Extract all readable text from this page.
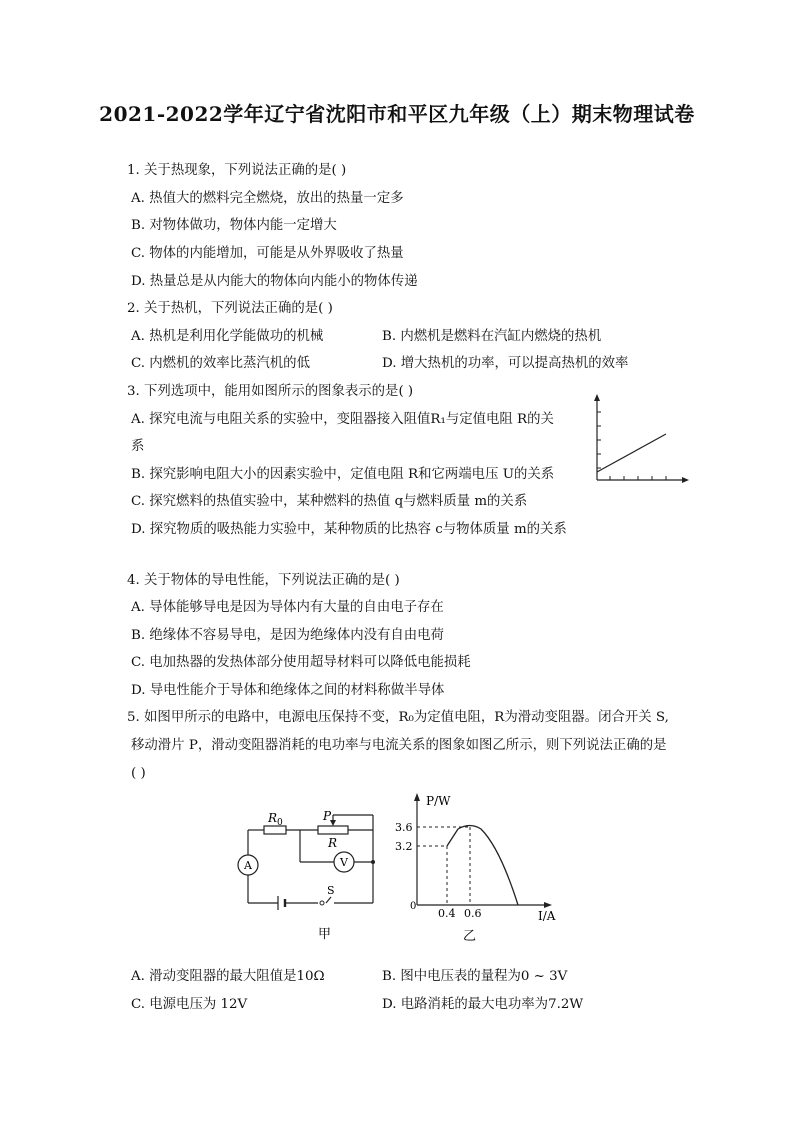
2021-2022学年辽宁省沈阳市和平区九年级（上）期末物理试卷
1. 关于热现象，下列说法正确的是( )
A. 热值大的燃料完全燃烧，放出的热量一定多
B. 对物体做功，物体内能一定增大
C. 物体的内能增加，可能是从外界吸收了热量
D. 热量总是从内能大的物体向内能小的物体传递
2. 关于热机，下列说法正确的是( )
A. 热机是利用化学能做功的机械	B. 内燃机是燃料在汽缸内燃烧的热机
C. 内燃机的效率比蒸汽机的低	D. 增大热机的功率，可以提高热机的效率
3. 下列选项中，能用如图所示的图象表示的是( )
A. 探究电流与电阻关系的实验中，变阻器接入阻值R₁与定值电阻 R的关
系
B. 探究影响电阻大小的因素实验中，定值电阻 R和它两端电压 U的关系
C. 探究燃料的热值实验中，某种燃料的热值 q与燃料质量 m的关系
D. 探究物质的吸热能力实验中，某种物质的比热容 c与物体质量 m的关系
4. 关于物体的导电性能，下列说法正确的是( )
A. 导体能够导电是因为导体内有大量的自由电子存在
B. 绝缘体不容易导电，是因为绝缘体内没有自由电荷
C. 电加热器的发热体部分使用超导材料可以降低电能损耗
D. 导电性能介于导体和绝缘体之间的材料称做半导体
5. 如图甲所示的电路中，电源电压保持不变，R₀为定值电阻，R为滑动变阻器。闭合开关 S,
移动滑片 P，滑动变阻器消耗的电功率与电流关系的图象如图乙所示，则下列说法正确的是
( )
R 0	P
R
A	V
S
甲
P/W
3.6
3.2
0
0.4 0.6	I/A
乙
A. 滑动变阻器的最大阻值是10Ω	B. 图中电压表的量程为0 ~ 3V
C. 电源电压为 12V	D. 电路消耗的最大电功率为7.2W
